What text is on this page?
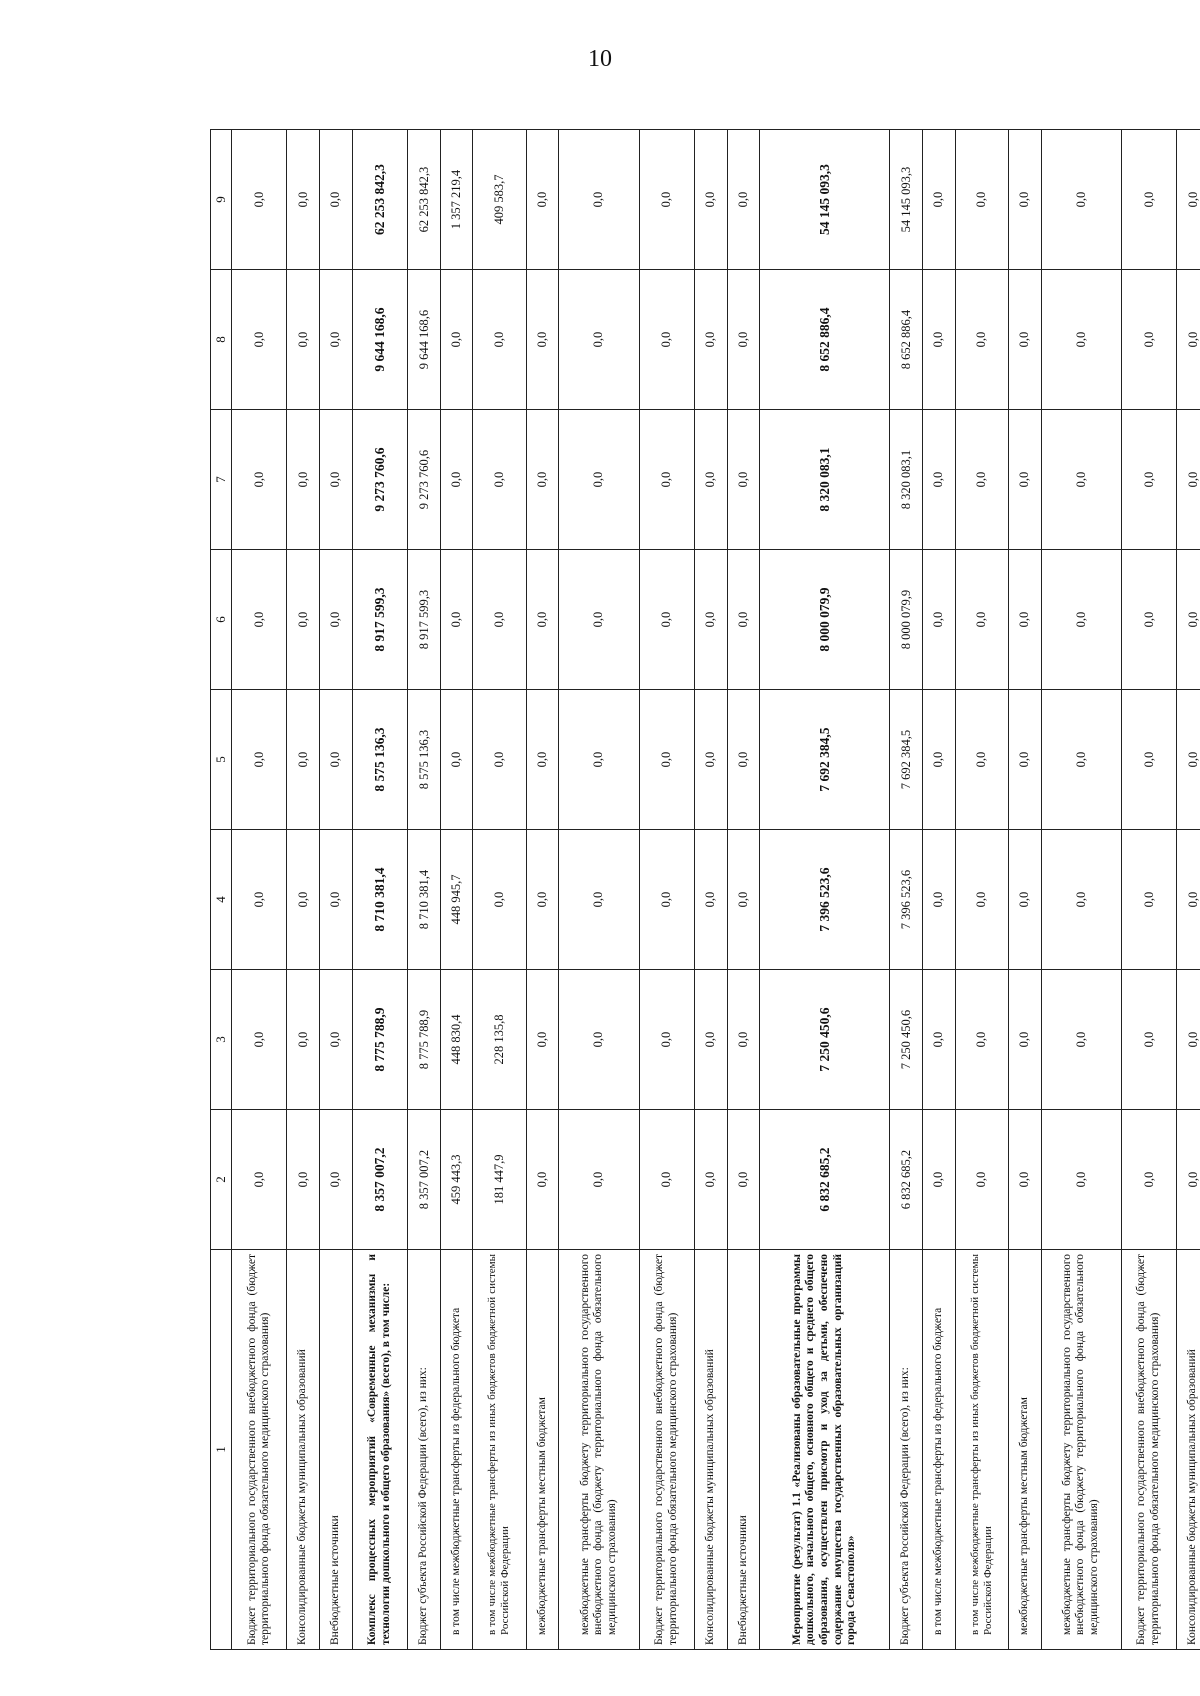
10
1	2	3	4	5	6	7	8	9
Бюджет территориального государственного внебюджетного фонда (бюджет территориального фонда обязательного медицинского страхования)	0,0	0,0	0,0	0,0	0,0	0,0	0,0	0,0
Консолидированные бюджеты муниципальных образований	0,0	0,0	0,0	0,0	0,0	0,0	0,0	0,0
Внебюджетные источники	0,0	0,0	0,0	0,0	0,0	0,0	0,0	0,0
Комплекс процессных мероприятий «Современные механизмы и технологии дошкольного и общего образования» (всего), в том числе:	8 357 007,2	8 775 788,9	8 710 381,4	8 575 136,3	8 917 599,3	9 273 760,6	9 644 168,6	62 253 842,3
Бюджет субъекта Российской Федерации (всего), из них:	8 357 007,2	8 775 788,9	8 710 381,4	8 575 136,3	8 917 599,3	9 273 760,6	9 644 168,6	62 253 842,3
в том числе межбюджетные трансферты из федерального бюджета	459 443,3	448 830,4	448 945,7	0,0	0,0	0,0	0,0	1 357 219,4
в том числе межбюджетные трансферты из иных бюджетов бюджетной системы Российской Федерации	181 447,9	228 135,8	0,0	0,0	0,0	0,0	0,0	409 583,7
межбюджетные трансферты местным бюджетам	0,0	0,0	0,0	0,0	0,0	0,0	0,0	0,0
межбюджетные трансферты бюджету территориального государственного внебюджетного фонда (бюджету территориального фонда обязательного медицинского страхования)	0,0	0,0	0,0	0,0	0,0	0,0	0,0	0,0
Бюджет территориального государственного внебюджетного фонда (бюджет территориального фонда обязательного медицинского страхования)	0,0	0,0	0,0	0,0	0,0	0,0	0,0	0,0
Консолидированные бюджеты муниципальных образований	0,0	0,0	0,0	0,0	0,0	0,0	0,0	0,0
Внебюджетные источники	0,0	0,0	0,0	0,0	0,0	0,0	0,0	0,0
Мероприятие (результат) 1.1 «Реализованы образовательные программы дошкольного, начального общего, основного общего и среднего общего образования, осуществлен присмотр и уход за детьми, обеспечено содержание имущества государственных образовательных организаций города Севастополя»	6 832 685,2	7 250 450,6	7 396 523,6	7 692 384,5	8 000 079,9	8 320 083,1	8 652 886,4	54 145 093,3
Бюджет субъекта Российской Федерации (всего), из них:	6 832 685,2	7 250 450,6	7 396 523,6	7 692 384,5	8 000 079,9	8 320 083,1	8 652 886,4	54 145 093,3
в том числе межбюджетные трансферты из федерального бюджета	0,0	0,0	0,0	0,0	0,0	0,0	0,0	0,0
в том числе межбюджетные трансферты из иных бюджетов бюджетной системы Российской Федерации	0,0	0,0	0,0	0,0	0,0	0,0	0,0	0,0
межбюджетные трансферты местным бюджетам	0,0	0,0	0,0	0,0	0,0	0,0	0,0	0,0
межбюджетные трансферты бюджету территориального государственного внебюджетного фонда (бюджету территориального фонда обязательного медицинского страхования)	0,0	0,0	0,0	0,0	0,0	0,0	0,0	0,0
Бюджет территориального государственного внебюджетного фонда (бюджет территориального фонда обязательного медицинского страхования)	0,0	0,0	0,0	0,0	0,0	0,0	0,0	0,0
Консолидированные бюджеты муниципальных образований	0,0	0,0	0,0	0,0	0,0	0,0	0,0	0,0
